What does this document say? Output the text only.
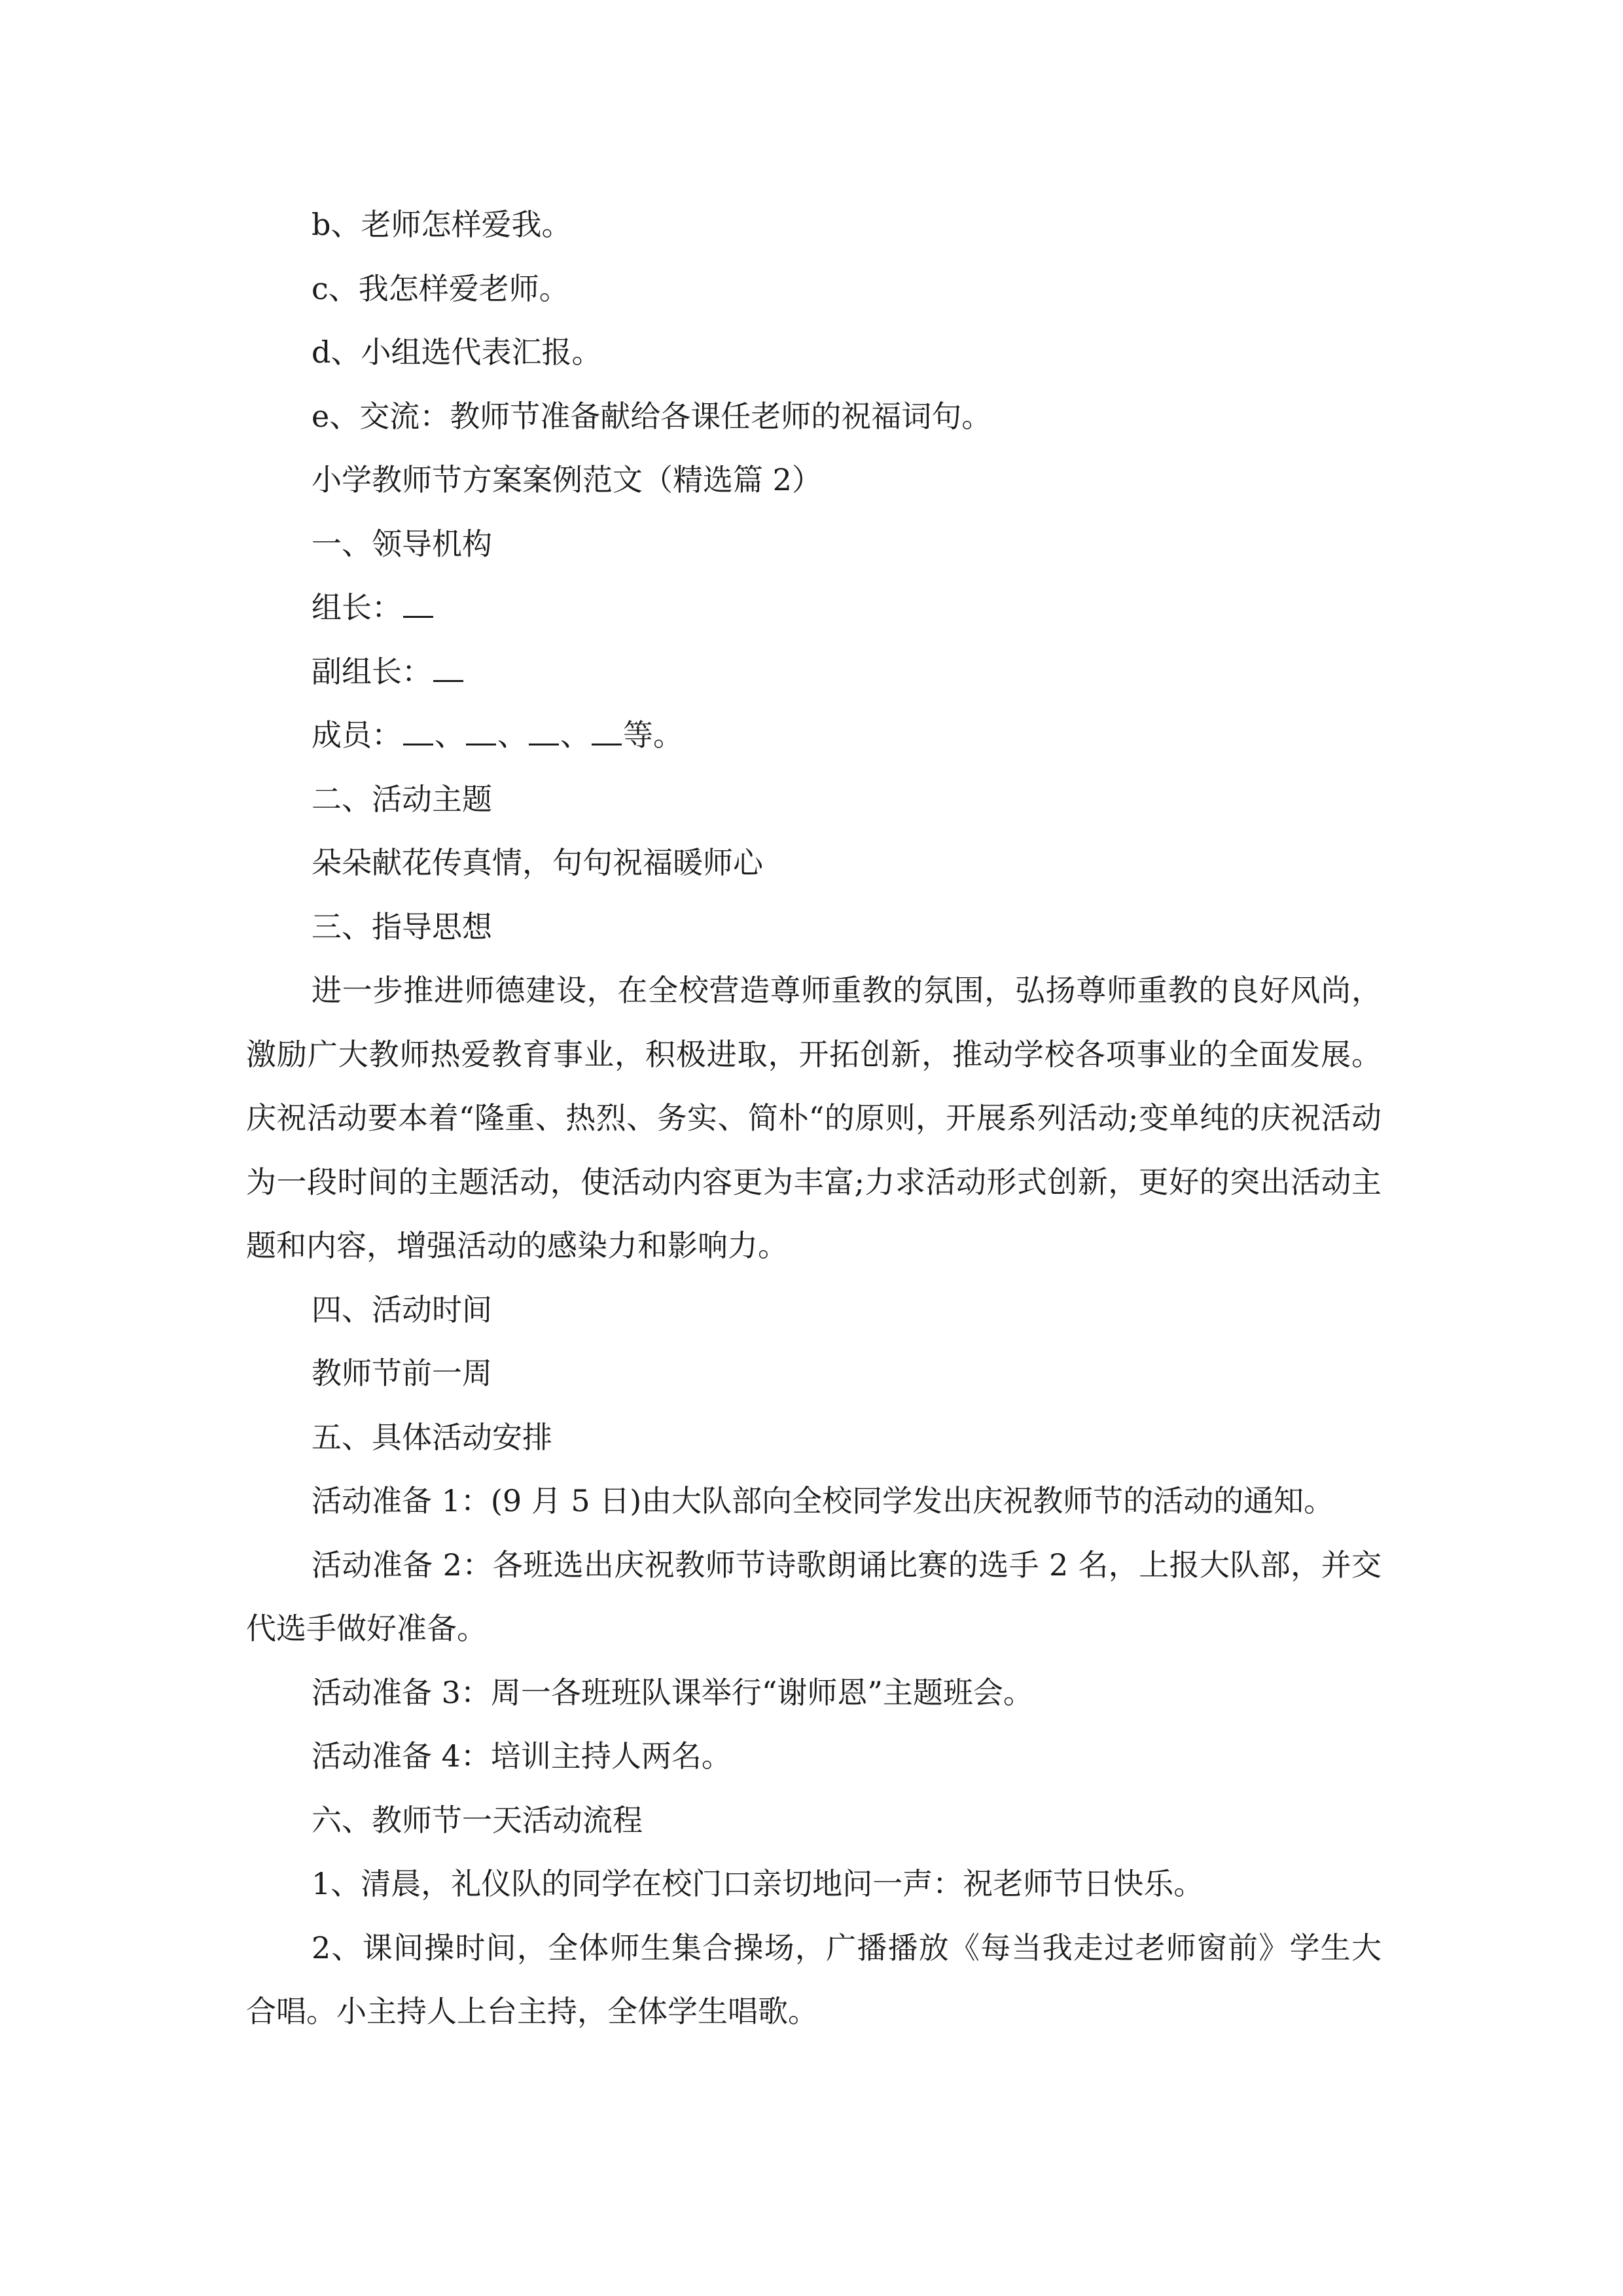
b、老师怎样爱我。

c、我怎样爱老师。

d、小组选代表汇报。

e、交流：教师节准备献给各课任老师的祝福词句。

小学教师节方案案例范文（精选篇 2）

一、领导机构

组长：

副组长：

成员： 、 、 、 等。

二、活动主题

朵朵献花传真情，句句祝福暖师心

三、指导思想

进一步推进师德建设，在全校营造尊师重教的氛围，弘扬尊师重教的良好风尚，激励广大教师热爱教育事业，积极进取，开拓创新，推动学校各项事业的全面发展。庆祝活动要本着“隆重、热烈、务实、简朴“的原则，开展系列活动;变单纯的庆祝活动为一段时间的主题活动，使活动内容更为丰富;力求活动形式创新，更好的突出活动主题和内容，增强活动的感染力和影响力。

四、活动时间

教师节前一周

五、具体活动安排

活动准备 1：(9 月 5 日)由大队部向全校同学发出庆祝教师节的活动的通知。

活动准备 2：各班选出庆祝教师节诗歌朗诵比赛的选手 2 名，上报大队部，并交代选手做好准备。

活动准备 3：周一各班班队课举行“谢师恩”主题班会。

活动准备 4：培训主持人两名。

六、教师节一天活动流程

1、清晨，礼仪队的同学在校门口亲切地问一声：祝老师节日快乐。

2、课间操时间，全体师生集合操场，广播播放《每当我走过老师窗前》学生大合唱。小主持人上台主持，全体学生唱歌。
